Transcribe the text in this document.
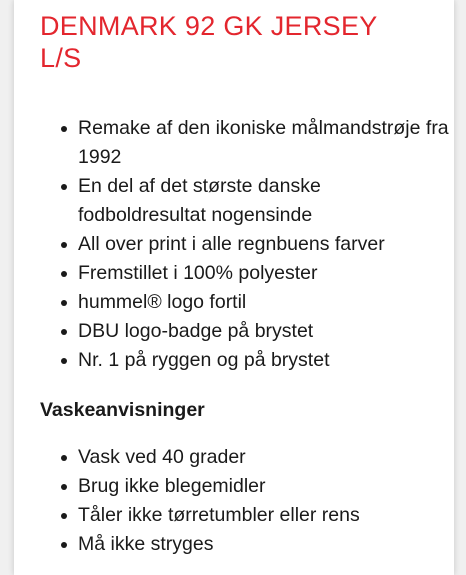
DENMARK 92 GK JERSEY L/S
Remake af den ikoniske målmandstrøje fra 1992
En del af det største danske fodboldresultat nogensinde
All over print i alle regnbuens farver
Fremstillet i 100% polyester
hummel® logo fortil
DBU logo-badge på brystet
Nr. 1 på ryggen og på brystet
Vaskeanvisninger
Vask ved 40 grader
Brug ikke blegemidler
Tåler ikke tørretumbler eller rens
Må ikke stryges
